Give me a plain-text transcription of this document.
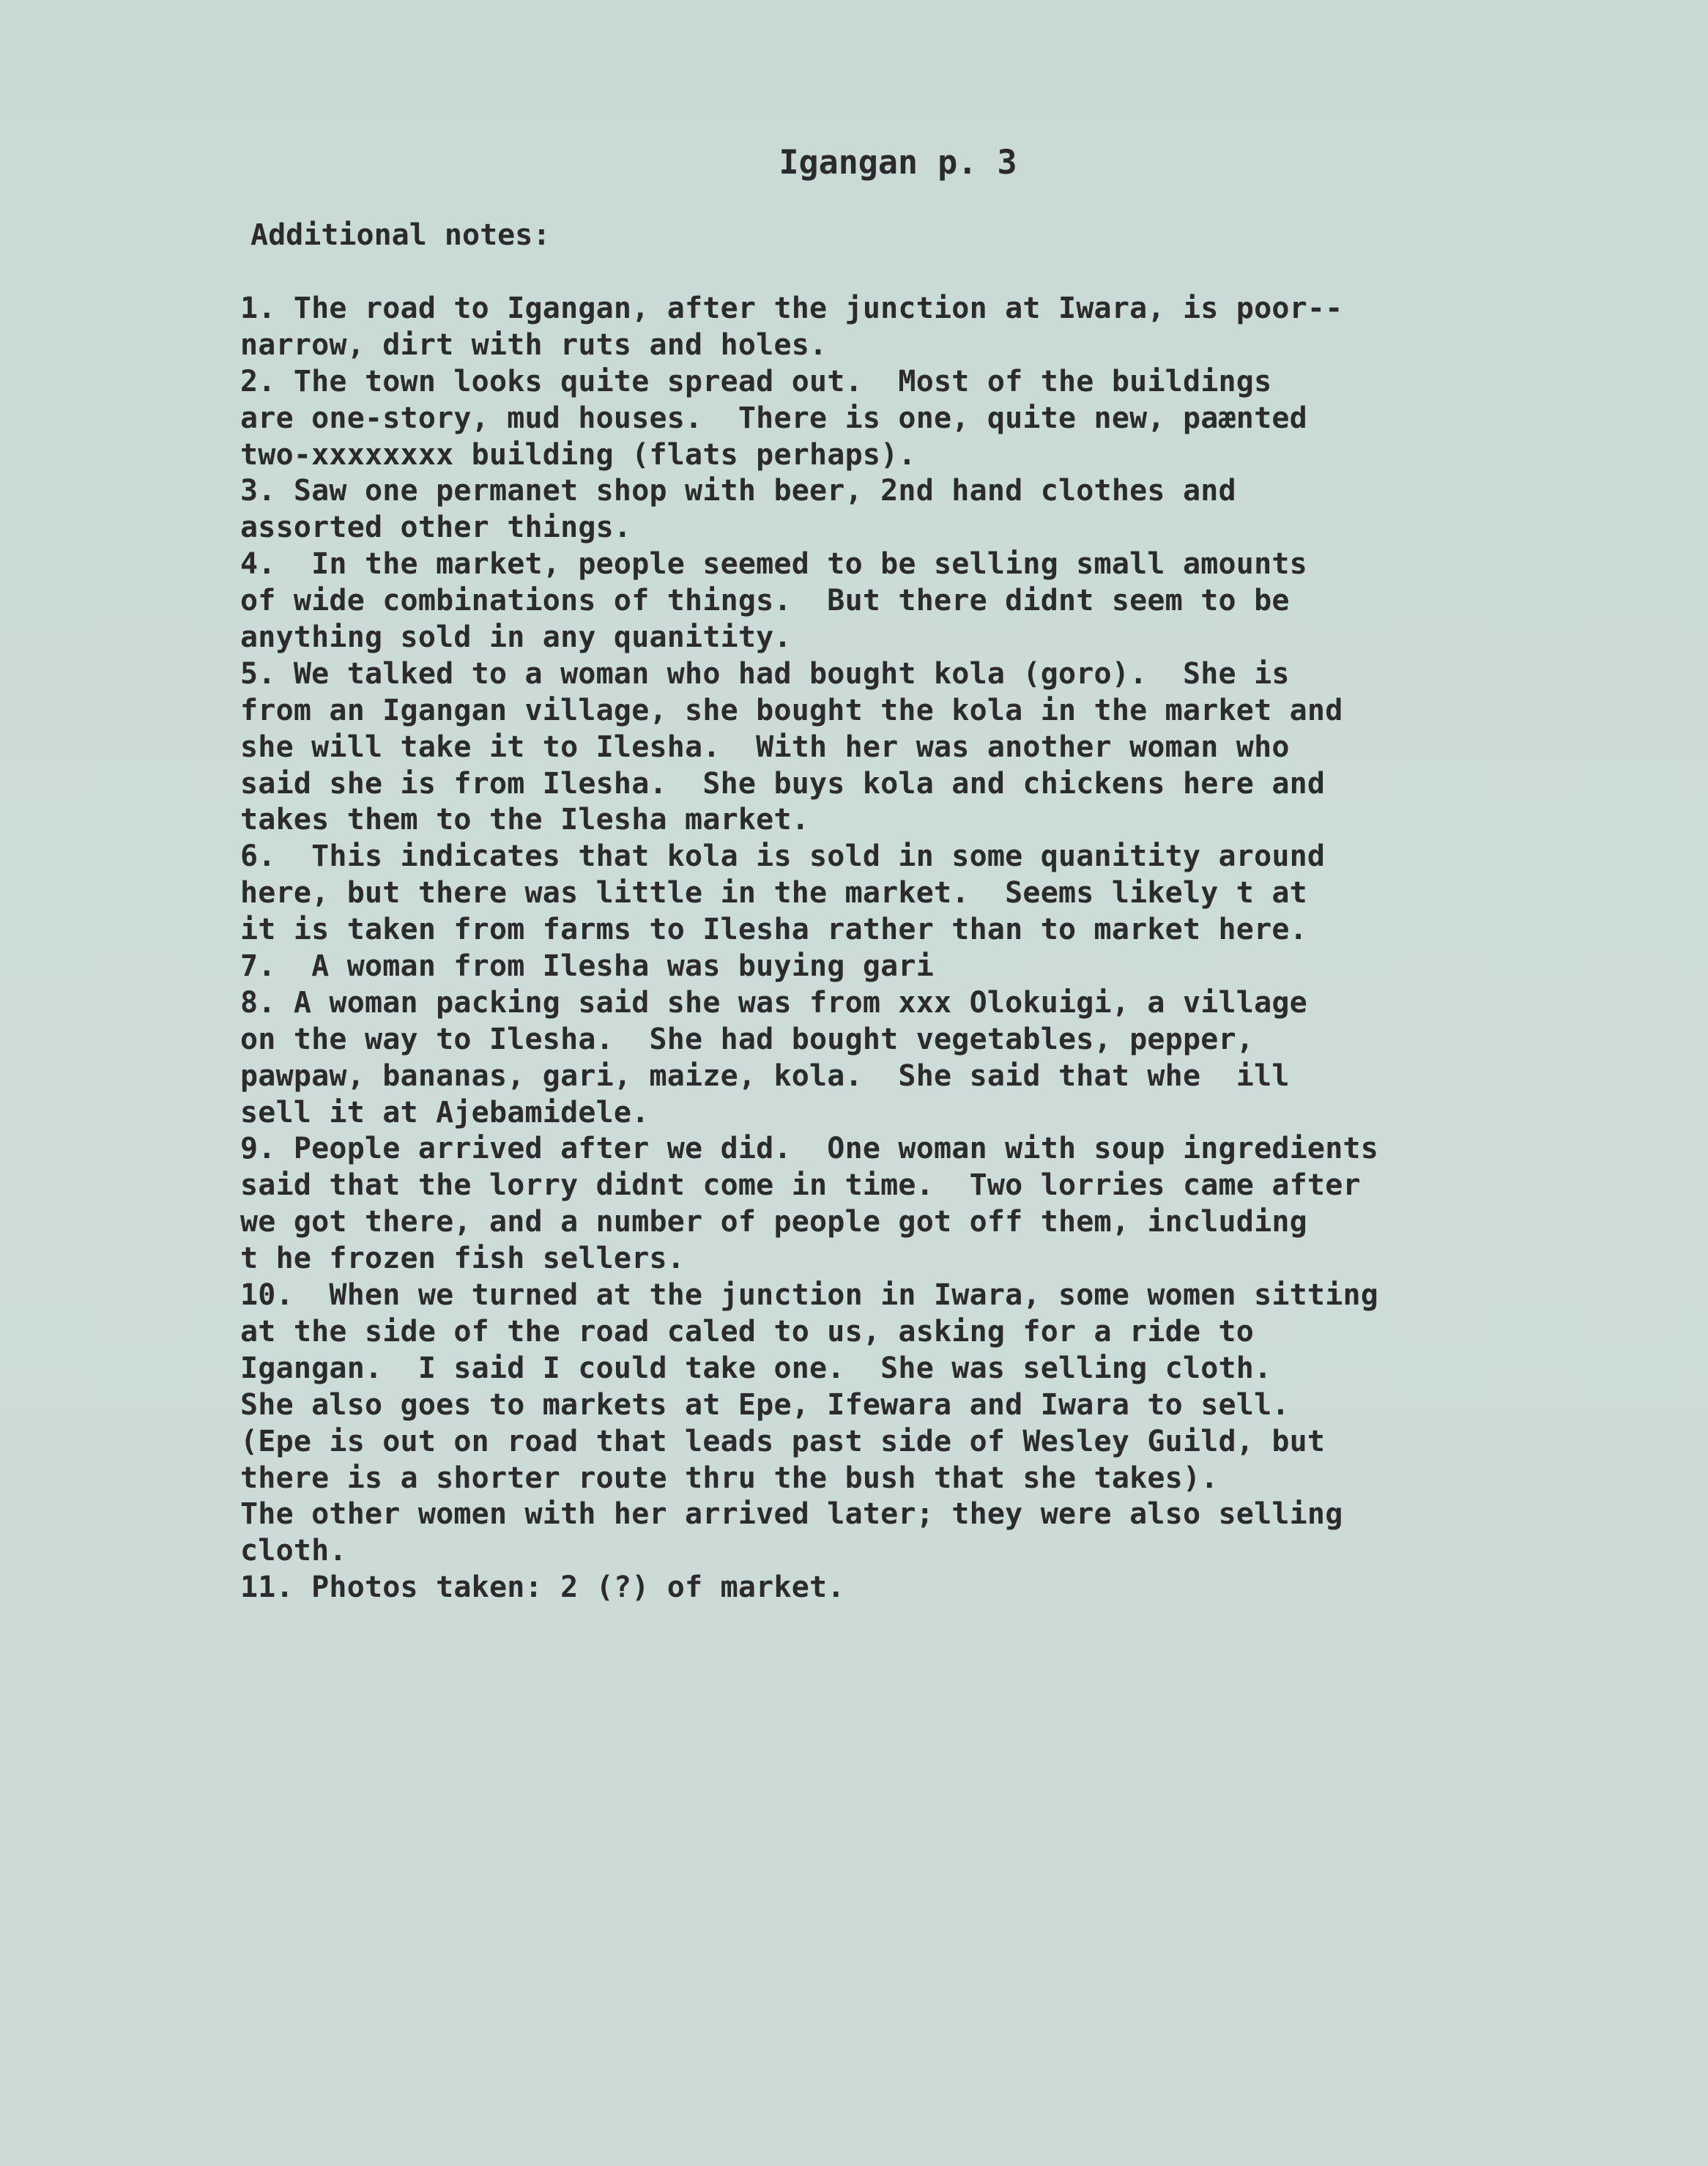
Igangan p. 3
Additional notes:
1. The road to Igangan, after the junction at Iwara, is poor--
narrow, dirt with ruts and holes.
2. The town looks quite spread out.  Most of the buildings
are one-story, mud houses.  There is one, quite new, paænted
two-xxxxxxxx building (flats perhaps).
3. Saw one permanet shop with beer, 2nd hand clothes and
assorted other things.
4.  In the market, people seemed to be selling small amounts
of wide combinations of things.  But there didnt seem to be
anything sold in any quanitity.
5. We talked to a woman who had bought kola (goro).  She is
from an Igangan village, she bought the kola in the market and
she will take it to Ilesha.  With her was another woman who
said she is from Ilesha.  She buys kola and chickens here and
takes them to the Ilesha market.
6.  This indicates that kola is sold in some quanitity around
here, but there was little in the market.  Seems likely t at
it is taken from farms to Ilesha rather than to market here.
7.  A woman from Ilesha was buying gari
8. A woman packing said she was from xxx Olokuigi, a village
on the way to Ilesha.  She had bought vegetables, pepper,
pawpaw, bananas, gari, maize, kola.  She said that whe  ill
sell it at Ajebamidele.
9. People arrived after we did.  One woman with soup ingredients
said that the lorry didnt come in time.  Two lorries came after
we got there, and a number of people got off them, including
t he frozen fish sellers.
10.  When we turned at the junction in Iwara, some women sitting
at the side of the road caled to us, asking for a ride to
Igangan.  I said I could take one.  She was selling cloth.
She also goes to markets at Epe, Ifewara and Iwara to sell.
(Epe is out on road that leads past side of Wesley Guild, but
there is a shorter route thru the bush that she takes).
The other women with her arrived later; they were also selling
cloth.
11. Photos taken: 2 (?) of market.
